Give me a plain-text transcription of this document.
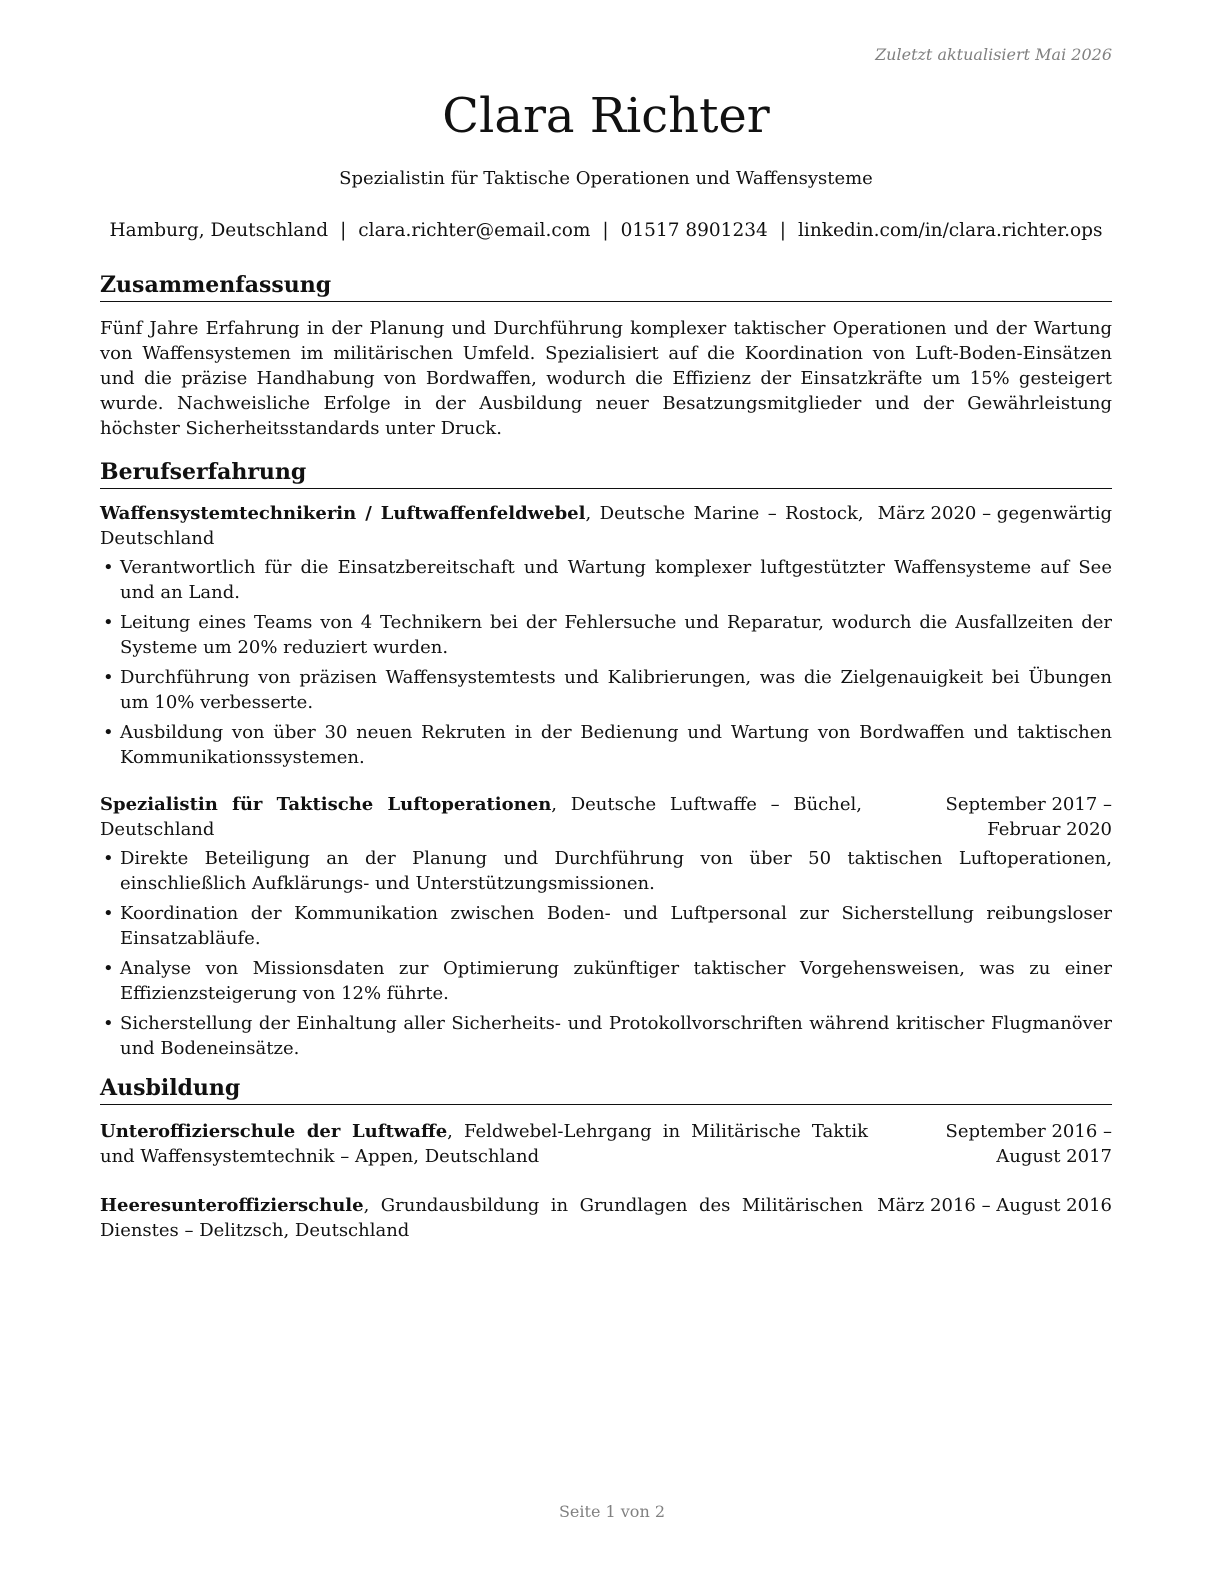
Zuletzt aktualisiert Mai 2026
Clara Richter
Spezialistin für Taktische Operationen und Waffensysteme
Hamburg, Deutschland | clara.richter@email.com | 01517 8901234 | linkedin.com/in/clara.richter.ops
Zusammenfassung

Fünf Jahre Erfahrung in der Planung und Durchführung komplexer taktischer Operationen und der Wartung von Waffensystemen im militärischen Umfeld. Spezialisiert auf die Koordination von Luft-Boden-Einsätzen und die präzise Handhabung von Bordwaffen, wodurch die Effizienz der Einsatzkräfte um 15% gesteigert wurde. Nachweisliche Erfolge in der Ausbildung neuer Besatzungsmitglieder und der Gewährleistung höchster Sicherheitsstandards unter Druck.

Berufserfahrung
Waffensystemtechnikerin / Luftwaffenfeldwebel, Deutsche Marine – Rostock, Deutschland
März 2020 – gegenwärtig
• Verantwortlich für die Einsatzbereitschaft und Wartung komplexer luftgestützter Waffensysteme auf See und an Land.
• Leitung eines Teams von 4 Technikern bei der Fehlersuche und Reparatur, wodurch die Ausfallzeiten der Systeme um 20% reduziert wurden.
• Durchführung von präzisen Waffensystemtests und Kalibrierungen, was die Zielgenauigkeit bei Übungen um 10% verbesserte.
• Ausbildung von über 30 neuen Rekruten in der Bedienung und Wartung von Bordwaffen und taktischen Kommunikationssystemen.
Spezialistin für Taktische Luftoperationen, Deutsche Luftwaffe – Büchel, Deutschland
September 2017 – Februar 2020
• Direkte Beteiligung an der Planung und Durchführung von über 50 taktischen Luftoperationen, einschließlich Aufklärungs- und Unterstützungsmissionen.
• Koordination der Kommunikation zwischen Boden- und Luftpersonal zur Sicherstellung reibungsloser Einsatzabläufe.
• Analyse von Missionsdaten zur Optimierung zukünftiger taktischer Vorgehensweisen, was zu einer Effizienzsteigerung von 12% führte.
• Sicherstellung der Einhaltung aller Sicherheits- und Protokollvorschriften während kritischer Flugmanöver und Bodeneinsätze.
Ausbildung
Unteroffizierschule der Luftwaffe, Feldwebel-Lehrgang in Militärische Taktik und Waffensystemtechnik – Appen, Deutschland
September 2016 – August 2017
Heeresunteroffizierschule, Grundausbildung in Grundlagen des Militärischen Dienstes – Delitzsch, Deutschland
März 2016 – August 2016
Seite 1 von 2
